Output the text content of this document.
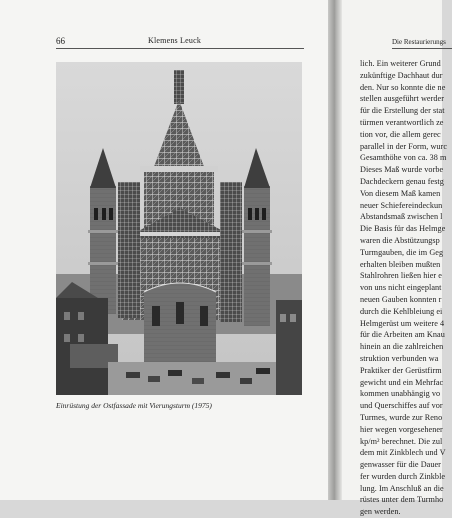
66	Klemens Leuck
Einrüstung der Ostfassade mit Vierungsturm (1975)
Die Restaurierungs
lich. Ein weiterer Grund
zukünftige Dachhaut dur
den. Nur so konnte die ne
stellen ausgeführt werder
für die Erstellung der stat
türmen verantwortlich ze
tion vor, die allem gerec
parallel in der Form, wurc
Gesamthöhe von ca. 38 m
Dieses Maß wurde vorbe
Dachdeckern genau festg
Von diesem Maß kamen
neuer Schiefereindeckun
Abstandsmaß zwischen l
Die Basis für das Helmge
waren die Abstützungsp
Turmgauben, die im Geg
erhalten bleiben mußten
Stahlrohren ließen hier e
von uns nicht eingeplant
neuen Gauben konnten r
durch die Kehlbleiung ei
Helmgerüst um weitere 4
für die Arbeiten am Knau
hinein an die zahlreichen
struktion verbunden wa
Praktiker der Gerüstfirm
gewicht und ein Mehrfac
kommen unabhängig vo
und Querschiffes auf vor
Turmes, wurde zur Reno
hier wegen vorgesehener
kp/m² berechnet. Die zul
dem mit Zinkblech und V
genwasser für die Dauer
fer wurden durch Zinkble
lung. Im Anschluß an die
rüstes unter dem Turmho
gen werden.
